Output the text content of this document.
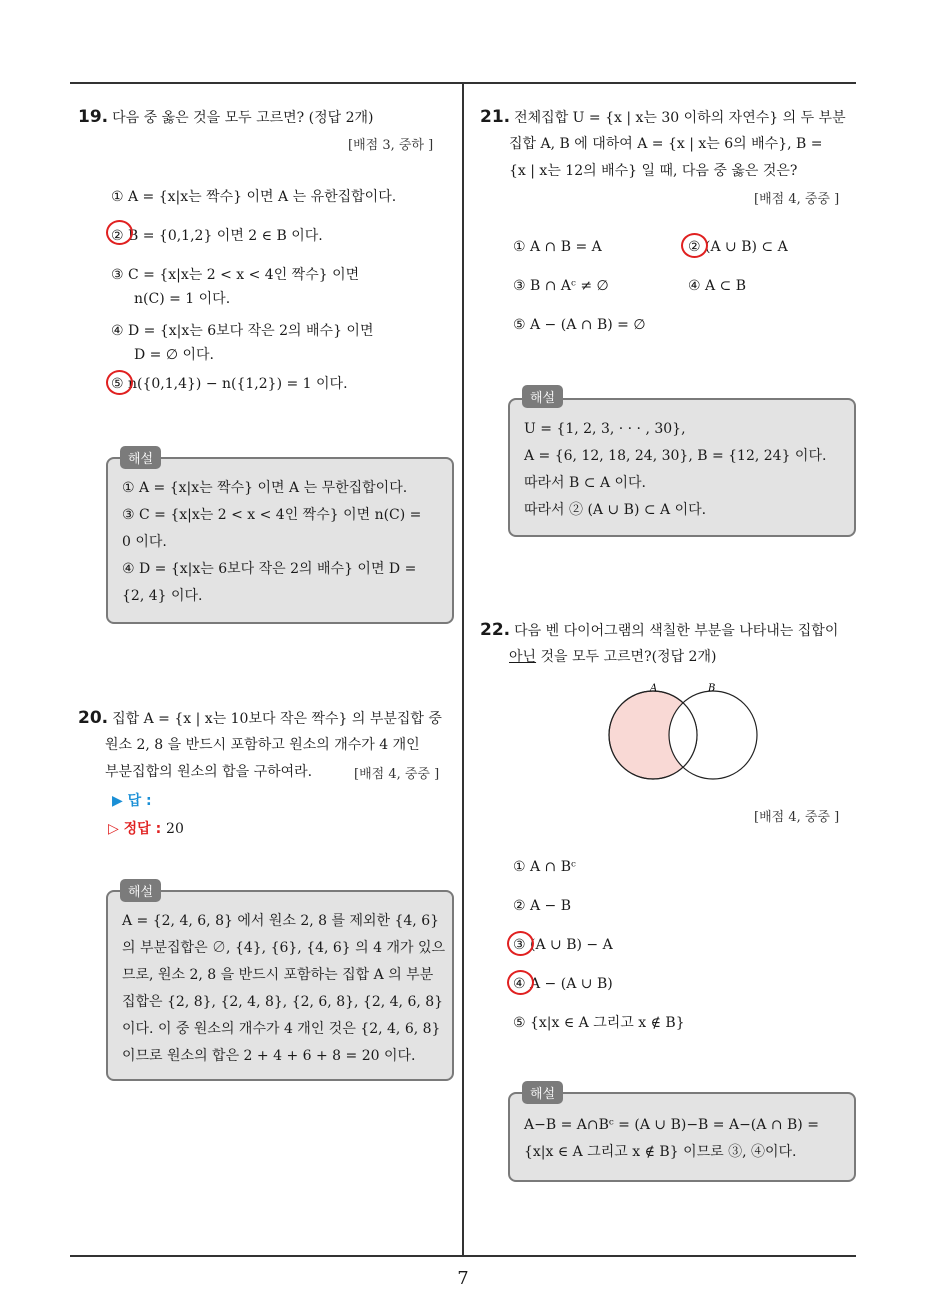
19. 다음 중 옳은 것을 모두 고르면? (정답 2개)
[배점 3, 중하 ]
① A = {x|x는 짝수} 이면 A 는 유한집합이다.
② B = {0,1,2} 이면 2 ∈ B 이다.
③ C = {x|x는 2 < x < 4인 짝수} 이면
n(C) = 1 이다.
④ D = {x|x는 6보다 작은 2의 배수} 이면
D = ∅ 이다.
⑤ n({0,1,4}) − n({1,2}) = 1 이다.
① A = {x|x는 짝수} 이면 A 는 무한집합이다.
③ C = {x|x는 2 < x < 4인 짝수} 이면 n(C) =
0 이다.
④ D = {x|x는 6보다 작은 2의 배수} 이면 D =
{2, 4} 이다.
해설
20. 집합 A = {x | x는 10보다 작은 짝수} 의 부분집합 중
원소 2, 8 을 반드시 포함하고 원소의 개수가 4 개인
부분집합의 원소의 합을 구하여라.	[배점 4, 중중 ]
▶ 답 :
▷ 정답 : 20
A = {2, 4, 6, 8} 에서 원소 2, 8 를 제외한 {4, 6}
의 부분집합은 ∅, {4}, {6}, {4, 6} 의 4 개가 있으
므로, 원소 2, 8 을 반드시 포함하는 집합 A 의 부분
집합은 {2, 8}, {2, 4, 8}, {2, 6, 8}, {2, 4, 6, 8}
이다. 이 중 원소의 개수가 4 개인 것은 {2, 4, 6, 8}
이므로 원소의 합은 2 + 4 + 6 + 8 = 20 이다.
해설
21. 전체집합 U = {x | x는 30 이하의 자연수} 의 두 부분
집합 A, B 에 대하여 A = {x | x는 6의 배수}, B =
{x | x는 12의 배수} 일 때, 다음 중 옳은 것은?
[배점 4, 중중 ]
① A ∩ B = A	② (A ∪ B) ⊂ A
③ B ∩ Aᶜ ≠ ∅	④ A ⊂ B
⑤ A − (A ∩ B) = ∅
U = {1, 2, 3, · · · , 30},
A = {6, 12, 18, 24, 30}, B = {12, 24} 이다.
따라서 B ⊂ A 이다.
따라서 ② (A ∪ B) ⊂ A 이다.
해설
22. 다음 벤 다이어그램의 색칠한 부분을 나타내는 집합이
아닌 것을 모두 고르면?(정답 2개)
A	B
[배점 4, 중중 ]
① A ∩ Bᶜ
② A − B
③ (A ∪ B) − A
④ A − (A ∪ B)
⑤ {x|x ∈ A 그리고 x ∉ B}
A−B = A∩Bᶜ = (A ∪ B)−B = A−(A ∩ B) =
{x|x ∈ A 그리고 x ∉ B} 이므로 ③, ④이다.
해설
7
